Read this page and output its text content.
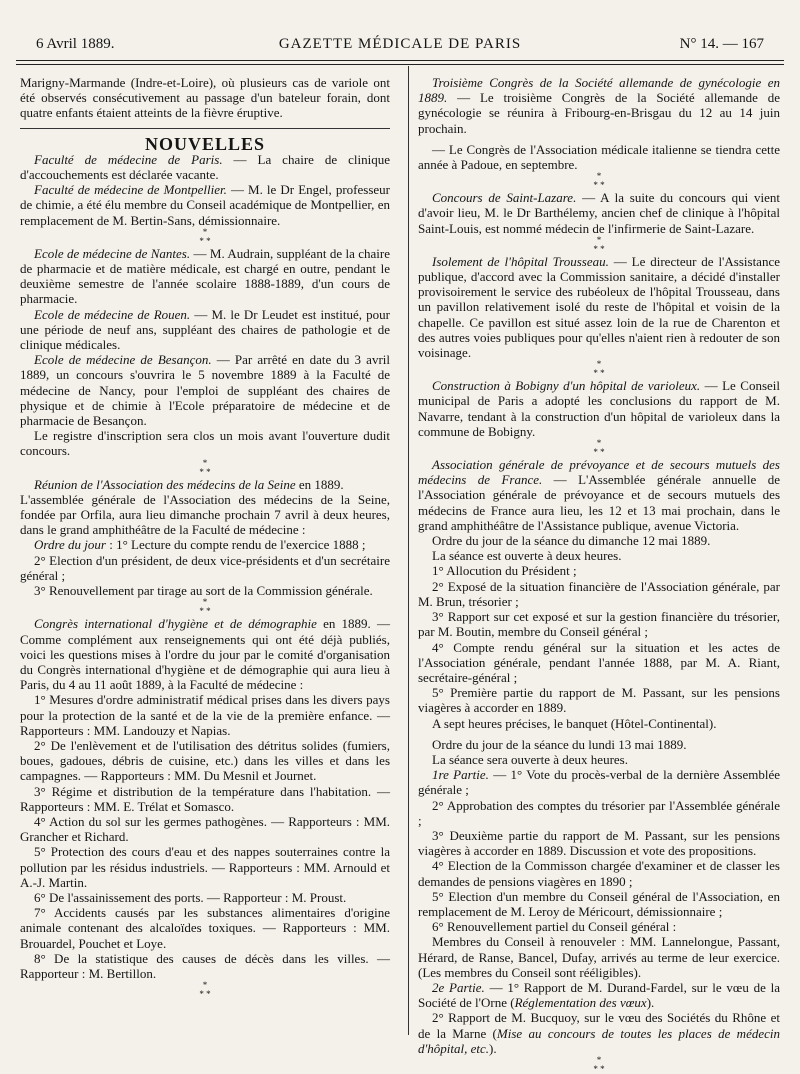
6 Avril 1889.	GAZETTE MÉDICALE DE PARIS	N° 14. — 167

Marigny-Marmande (Indre-et-Loire), où plusieurs cas de variole ont été observés consécutivement au passage d'un bateleur forain, dont quatre enfants étaient atteints de la fièvre éruptive.

NOUVELLES

Faculté de médecine de Paris. — La chaire de clinique d'accouchements est déclarée vacante.

Faculté de médecine de Montpellier. — M. le Dr Engel, professeur de chimie, a été élu membre du Conseil académique de Montpellier, en remplacement de M. Bertin-Sans, démissionnaire.

*
* *

Ecole de médecine de Nantes. — M. Audrain, suppléant de la chaire de pharmacie et de matière médicale, est chargé en outre, pendant le deuxième semestre de l'année scolaire 1888-1889, d'un cours de pharmacie.

Ecole de médecine de Rouen. — M. le Dr Leudet est institué, pour une période de neuf ans, suppléant des chaires de pathologie et de clinique médicales.

Ecole de médecine de Besançon. — Par arrêté en date du 3 avril 1889, un concours s'ouvrira le 5 novembre 1889 à la Faculté de médecine de Nancy, pour l'emploi de suppléant des chaires de physique et de chimie à l'Ecole préparatoire de médecine et de pharmacie de Besançon.

Le registre d'inscription sera clos un mois avant l'ouverture dudit concours.

*
* *

Réunion de l'Association des médecins de la Seine en 1889.

L'assemblée générale de l'Association des médecins de la Seine, fondée par Orfila, aura lieu dimanche prochain 7 avril à deux heures, dans le grand amphithéâtre de la Faculté de médecine :

Ordre du jour : 1° Lecture du compte rendu de l'exercice 1888 ;

2° Election d'un président, de deux vice-présidents et d'un secrétaire général ;

3° Renouvellement par tirage au sort de la Commission générale.

*
* *

Congrès international d'hygiène et de démographie en 1889. — Comme complément aux renseignements qui ont été déjà publiés, voici les questions mises à l'ordre du jour par le comité d'organisation du Congrès international d'hygiène et de démographie qui aura lieu à Paris, du 4 au 11 août 1889, à la Faculté de médecine :

1° Mesures d'ordre administratif médical prises dans les divers pays pour la protection de la santé et de la vie de la première enfance. — Rapporteurs : MM. Landouzy et Napias.

2° De l'enlèvement et de l'utilisation des détritus solides (fumiers, boues, gadoues, débris de cuisine, etc.) dans les villes et dans les campagnes. — Rapporteurs : MM. Du Mesnil et Journet.

3° Régime et distribution de la température dans l'habitation. — Rapporteurs : MM. E. Trélat et Somasco.

4° Action du sol sur les germes pathogènes. — Rapporteurs : MM. Grancher et Richard.

5° Protection des cours d'eau et des nappes souterraines contre la pollution par les résidus industriels. — Rapporteurs : MM. Arnould et A.-J. Martin.

6° De l'assainissement des ports. — Rapporteur : M. Proust.

7° Accidents causés par les substances alimentaires d'origine animale contenant des alcaloïdes toxiques. — Rapporteurs : MM. Brouardel, Pouchet et Loye.

8° De la statistique des causes de décès dans les villes. — Rapporteur : M. Bertillon.

*
* *

Troisième Congrès de la Société allemande de gynécologie en 1889. — Le troisième Congrès de la Société allemande de gynécologie se réunira à Fribourg-en-Brisgau du 12 au 14 juin prochain.

— Le Congrès de l'Association médicale italienne se tiendra cette année à Padoue, en septembre.

*
* *

Concours de Saint-Lazare. — A la suite du concours qui vient d'avoir lieu, M. le Dr Barthélemy, ancien chef de clinique à l'hôpital Saint-Louis, est nommé médecin de l'infirmerie de Saint-Lazare.

*
* *

Isolement de l'hôpital Trousseau. — Le directeur de l'Assistance publique, d'accord avec la Commission sanitaire, a décidé d'installer provisoirement le service des rubéoleux de l'hôpital Trousseau, dans un pavillon relativement isolé du reste de l'hôpital et voisin de la chapelle. Ce pavillon est situé assez loin de la rue de Charenton et des autres voies publiques pour qu'elles n'aient rien à redouter de son voisinage.

*
* *

Construction à Bobigny d'un hôpital de varioleux. — Le Conseil municipal de Paris a adopté les conclusions du rapport de M. Navarre, tendant à la construction d'un hôpital de varioleux dans la commune de Bobigny.

*
* *

Association générale de prévoyance et de secours mutuels des médecins de France. — L'Assemblée générale annuelle de l'Association générale de prévoyance et de secours mutuels des médecins de France aura lieu, les 12 et 13 mai prochain, dans le grand amphithéâtre de l'Assistance publique, avenue Victoria.

Ordre du jour de la séance du dimanche 12 mai 1889.

La séance est ouverte à deux heures.

1° Allocution du Président ;

2° Exposé de la situation financière de l'Association générale, par M. Brun, trésorier ;

3° Rapport sur cet exposé et sur la gestion financière du trésorier, par M. Boutin, membre du Conseil général ;

4° Compte rendu général sur la situation et les actes de l'Association générale, pendant l'année 1888, par M. A. Riant, secrétaire-général ;

5° Première partie du rapport de M. Passant, sur les pensions viagères à accorder en 1889.

A sept heures précises, le banquet (Hôtel-Continental).

Ordre du jour de la séance du lundi 13 mai 1889.

La séance sera ouverte à deux heures.

1re Partie. — 1° Vote du procès-verbal de la dernière Assemblée générale ;

2° Approbation des comptes du trésorier par l'Assemblée générale ;

3° Deuxième partie du rapport de M. Passant, sur les pensions viagères à accorder en 1889. Discussion et vote des propositions.

4° Election de la Commisson chargée d'examiner et de classer les demandes de pensions viagères en 1890 ;

5° Election d'un membre du Conseil général de l'Association, en remplacement de M. Leroy de Méricourt, démissionnaire ;

6° Renouvellement partiel du Conseil général :

Membres du Conseil à renouveler : MM. Lannelongue, Passant, Hérard, de Ranse, Bancel, Dufay, arrivés au terme de leur exercice. (Les membres du Conseil sont rééligibles).

2e Partie. — 1° Rapport de M. Durand-Fardel, sur le vœu de la Société de l'Orne (Réglementation des vœux).

2° Rapport de M. Bucquoy, sur le vœu des Sociétés du Rhône et de la Marne (Mise au concours de toutes les places de médecin d'hôpital, etc.).

*
* *
